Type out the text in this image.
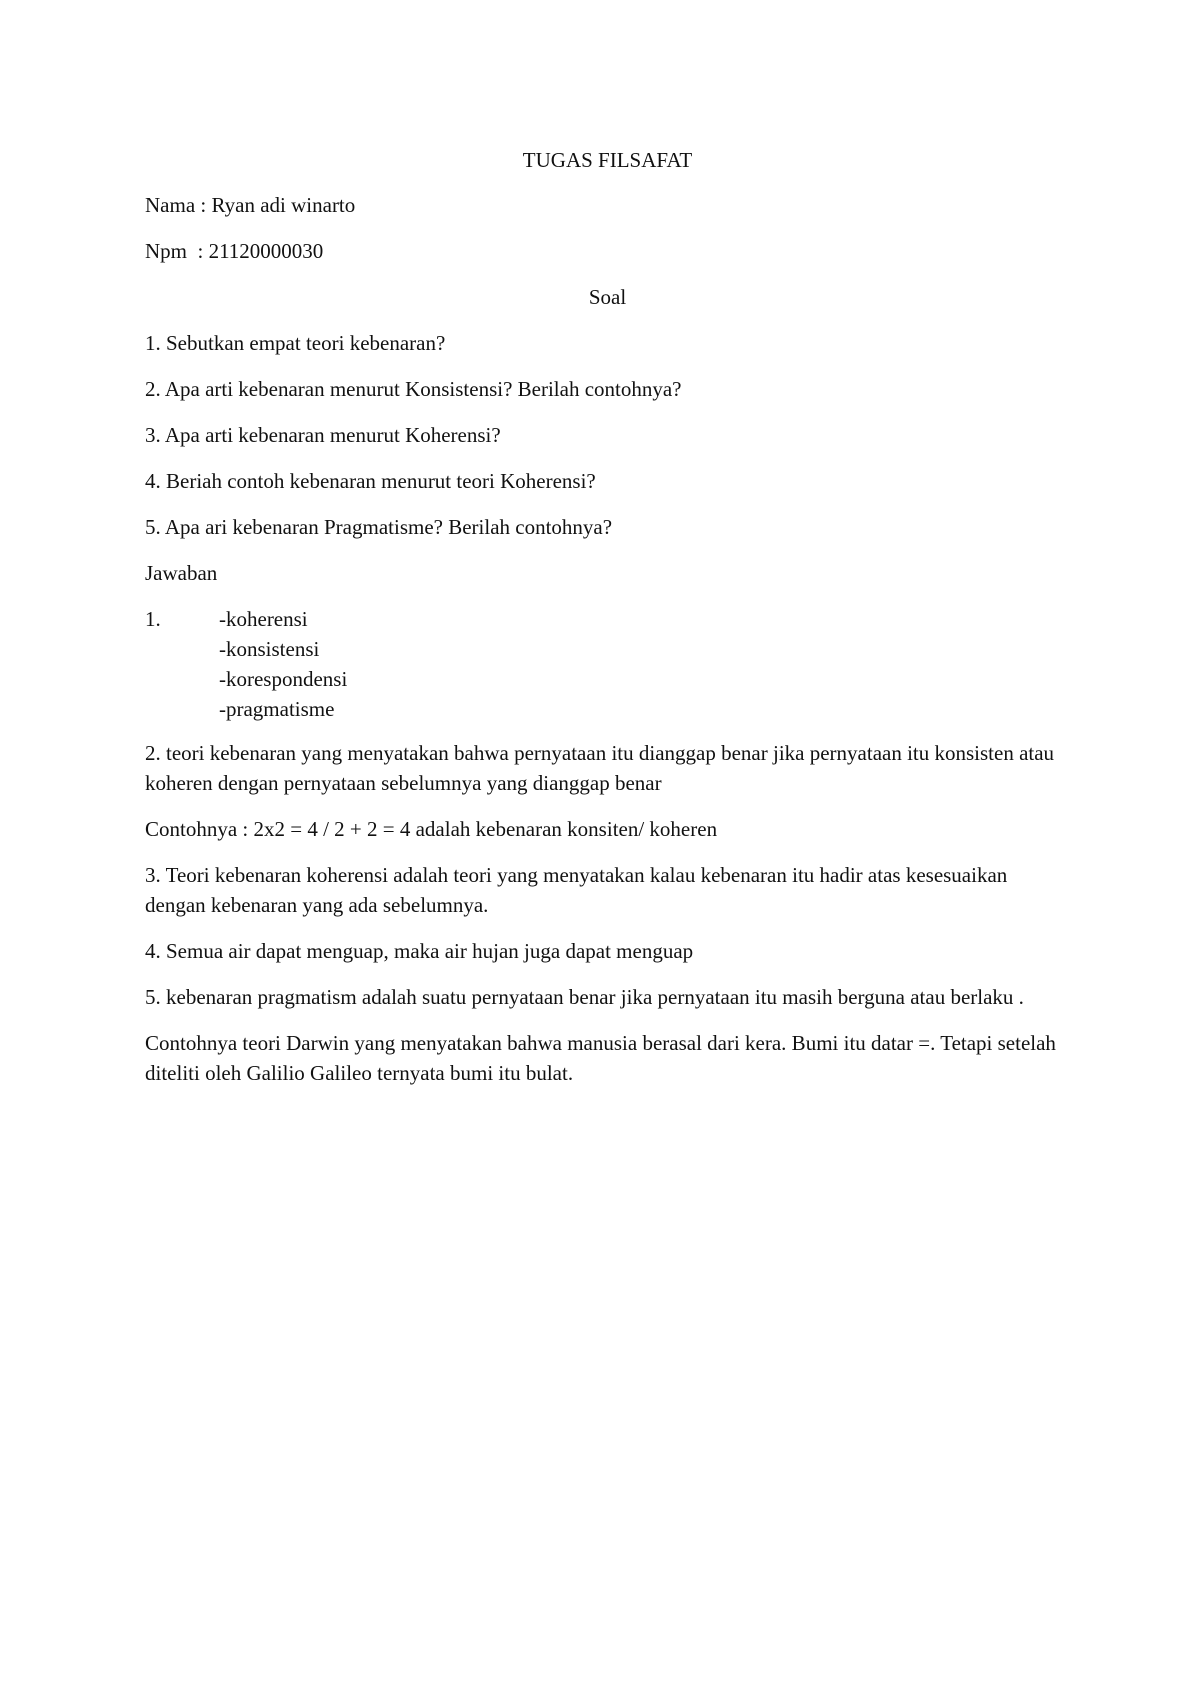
TUGAS FILSAFAT

Nama : Ryan adi winarto

Npm  : 21120000030

Soal

1. Sebutkan empat teori kebenaran?

2. Apa arti kebenaran menurut Konsistensi? Berilah contohnya?

3. Apa arti kebenaran menurut Koherensi?

4. Beriah contoh kebenaran menurut teori Koherensi?

5. Apa ari kebenaran Pragmatisme? Berilah contohnya?

Jawaban

1.	-koherensi
-konsistensi
-korespondensi
-pragmatisme

2. teori kebenaran yang menyatakan bahwa pernyataan itu dianggap benar jika pernyataan itu konsisten atau koheren dengan pernyataan sebelumnya yang dianggap benar

Contohnya : 2x2 = 4 / 2 + 2 = 4 adalah kebenaran konsiten/ koheren

3. Teori kebenaran koherensi adalah teori yang menyatakan kalau kebenaran itu hadir atas kesesuaikan dengan kebenaran yang ada sebelumnya.

4. Semua air dapat menguap, maka air hujan juga dapat menguap

5. kebenaran pragmatism adalah suatu pernyataan benar jika pernyataan itu masih berguna atau berlaku .

Contohnya teori Darwin yang menyatakan bahwa manusia berasal dari kera. Bumi itu datar =. Tetapi setelah diteliti oleh Galilio Galileo ternyata bumi itu bulat.
